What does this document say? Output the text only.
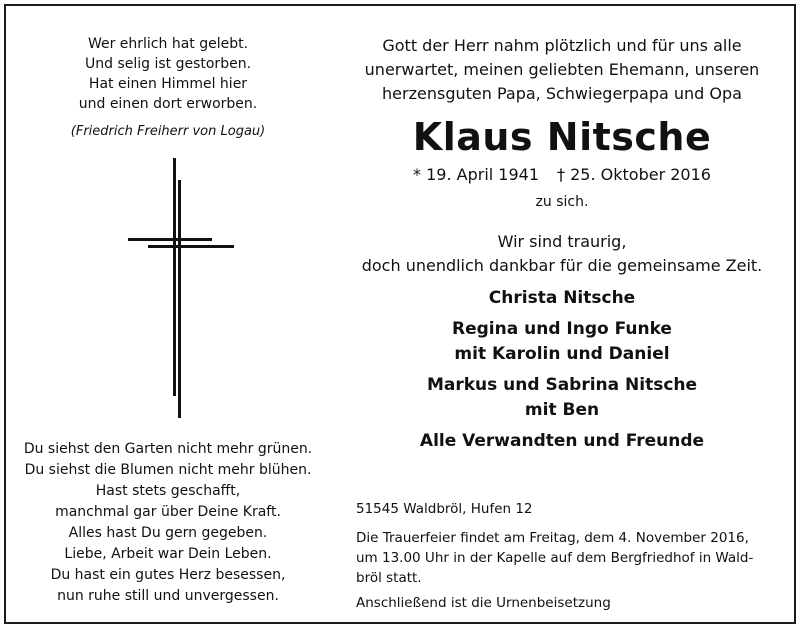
Wer ehrlich hat gelebt.
Und selig ist gestorben.
Hat einen Himmel hier
und einen dort erworben.
(Friedrich Freiherr von Logau)
Du siehst den Garten nicht mehr grünen.
Du siehst die Blumen nicht mehr blühen.
Hast stets geschafft,
manchmal gar über Deine Kraft.
Alles hast Du gern gegeben.
Liebe, Arbeit war Dein Leben.
Du hast ein gutes Herz besessen,
nun ruhe still und unvergessen.
Gott der Herr nahm plötzlich und für uns alle
unerwartet, meinen geliebten Ehemann, unseren
herzensguten Papa, Schwiegerpapa und Opa
Klaus Nitsche
* 19. April 1941 † 25. Oktober 2016
zu sich.
Wir sind traurig,
doch unendlich dankbar für die gemeinsame Zeit.
Christa Nitsche
Regina und Ingo Funke
mit Karolin und Daniel
Markus und Sabrina Nitsche
mit Ben
Alle Verwandten und Freunde
51545 Waldbröl, Hufen 12
Die Trauerfeier findet am Freitag, dem 4. November 2016,
um 13.00 Uhr in der Kapelle auf dem Bergfriedhof in Wald-
bröl statt.
Anschließend ist die Urnenbeisetzung
